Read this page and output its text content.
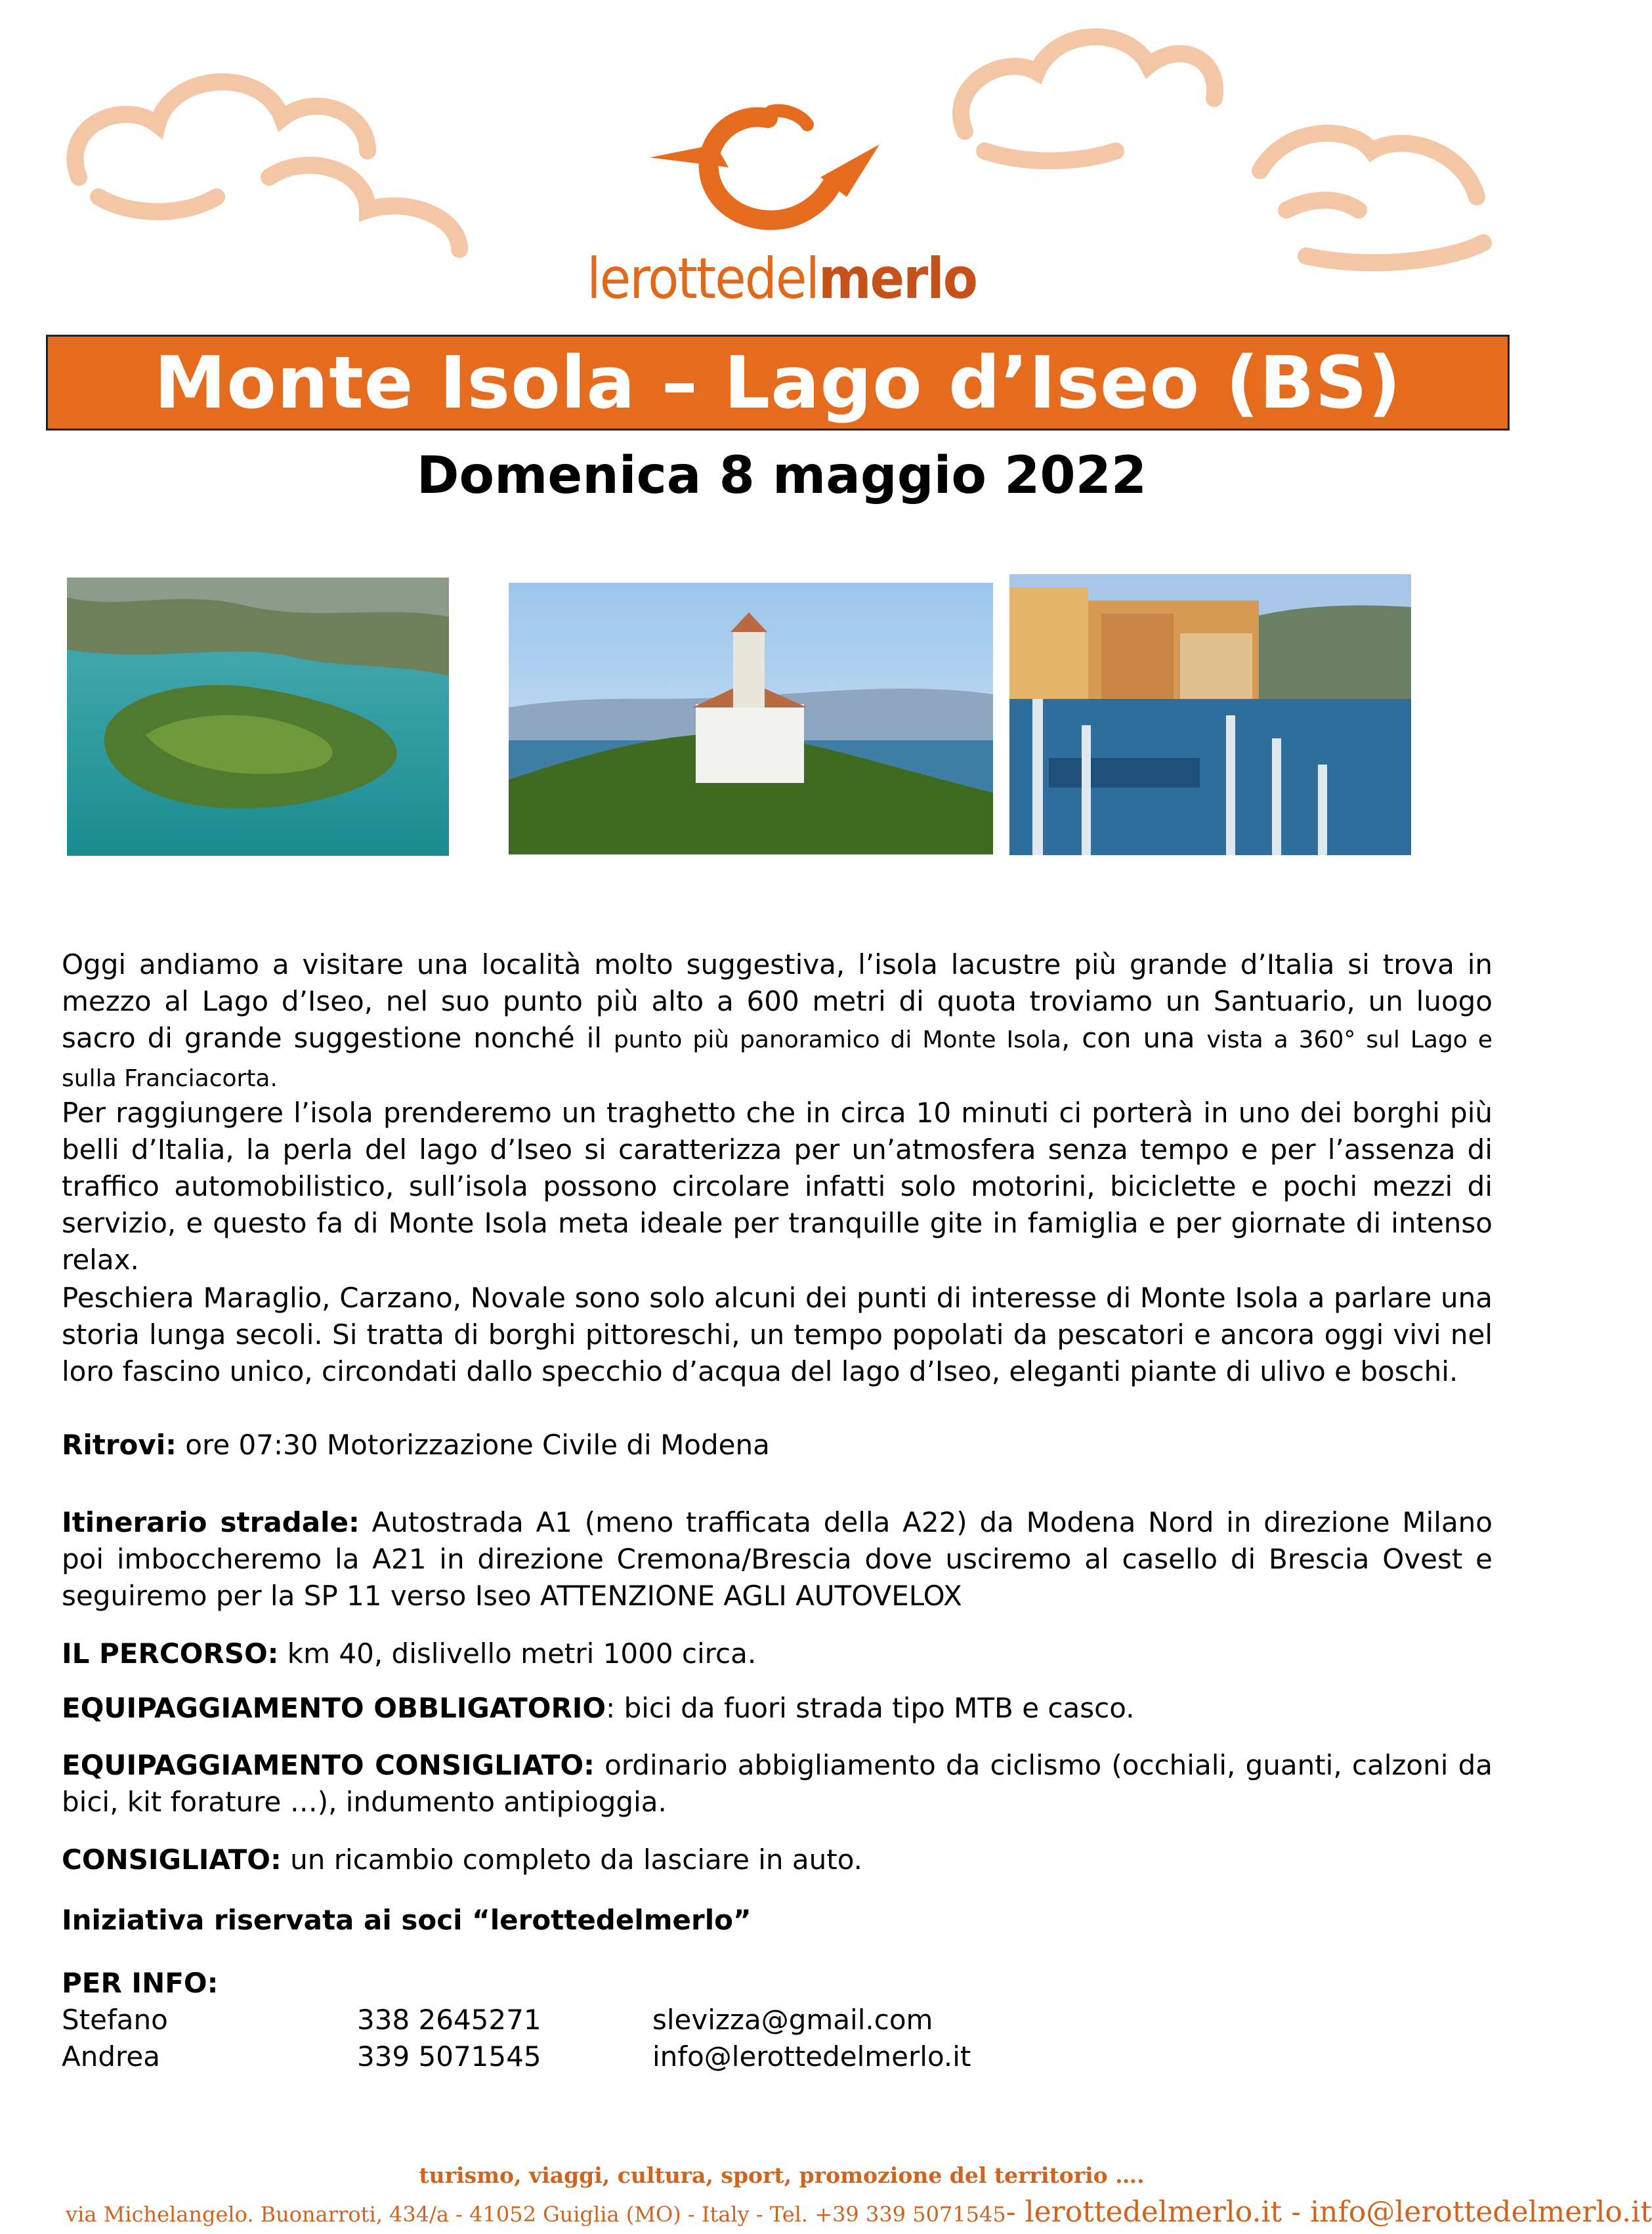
lerottedelmerlo
Monte Isola – Lago d’Iseo (BS)
Domenica 8 maggio 2022
Oggi andiamo a visitare una località molto suggestiva, l’isola lacustre più grande d’Italia si trova in mezzo al Lago d’Iseo, nel suo punto più alto a 600 metri di quota troviamo un Santuario, un luogo sacro di grande suggestione nonché il punto più panoramico di Monte Isola, con una vista a 360° sul Lago e sulla Franciacorta.
Per raggiungere l’isola prenderemo un traghetto che in circa 10 minuti ci porterà in uno dei borghi più belli d’Italia, la perla del lago d’Iseo si caratterizza per un’atmosfera senza tempo e per l’assenza di traffico automobilistico, sull’isola possono circolare infatti solo motorini, biciclette e pochi mezzi di servizio, e questo fa di Monte Isola meta ideale per tranquille gite in famiglia e per giornate di intenso relax.
Peschiera Maraglio, Carzano, Novale sono solo alcuni dei punti di interesse di Monte Isola a parlare una storia lunga secoli. Si tratta di borghi pittoreschi, un tempo popolati da pescatori e ancora oggi vivi nel loro fascino unico, circondati dallo specchio d’acqua del lago d’Iseo, eleganti piante di ulivo e boschi.
Ritrovi: ore 07:30 Motorizzazione Civile di Modena
Itinerario stradale: Autostrada A1 (meno trafficata della A22) da Modena Nord in direzione Milano poi imboccheremo la A21 in direzione Cremona/Brescia dove usciremo al casello di Brescia Ovest e seguiremo per la SP 11 verso Iseo ATTENZIONE AGLI AUTOVELOX
IL PERCORSO: km 40, dislivello metri 1000 circa.
EQUIPAGGIAMENTO OBBLIGATORIO: bici da fuori strada tipo MTB e casco.
EQUIPAGGIAMENTO CONSIGLIATO: ordinario abbigliamento da ciclismo (occhiali, guanti, calzoni da bici, kit forature …), indumento antipioggia.
CONSIGLIATO: un ricambio completo da lasciare in auto.
Iniziativa riservata ai soci “lerottedelmerlo”
PER INFO:
Stefano	338 2645271	slevizza@gmail.com
Andrea	339 5071545	info@lerottedelmerlo.it
turismo, viaggi, cultura, sport, promozione del territorio ….
via Michelangelo. Buonarroti, 434/a - 41052 Guiglia (MO) - Italy - Tel. +39 339 5071545- lerottedelmerlo.it - info@lerottedelmerlo.it
